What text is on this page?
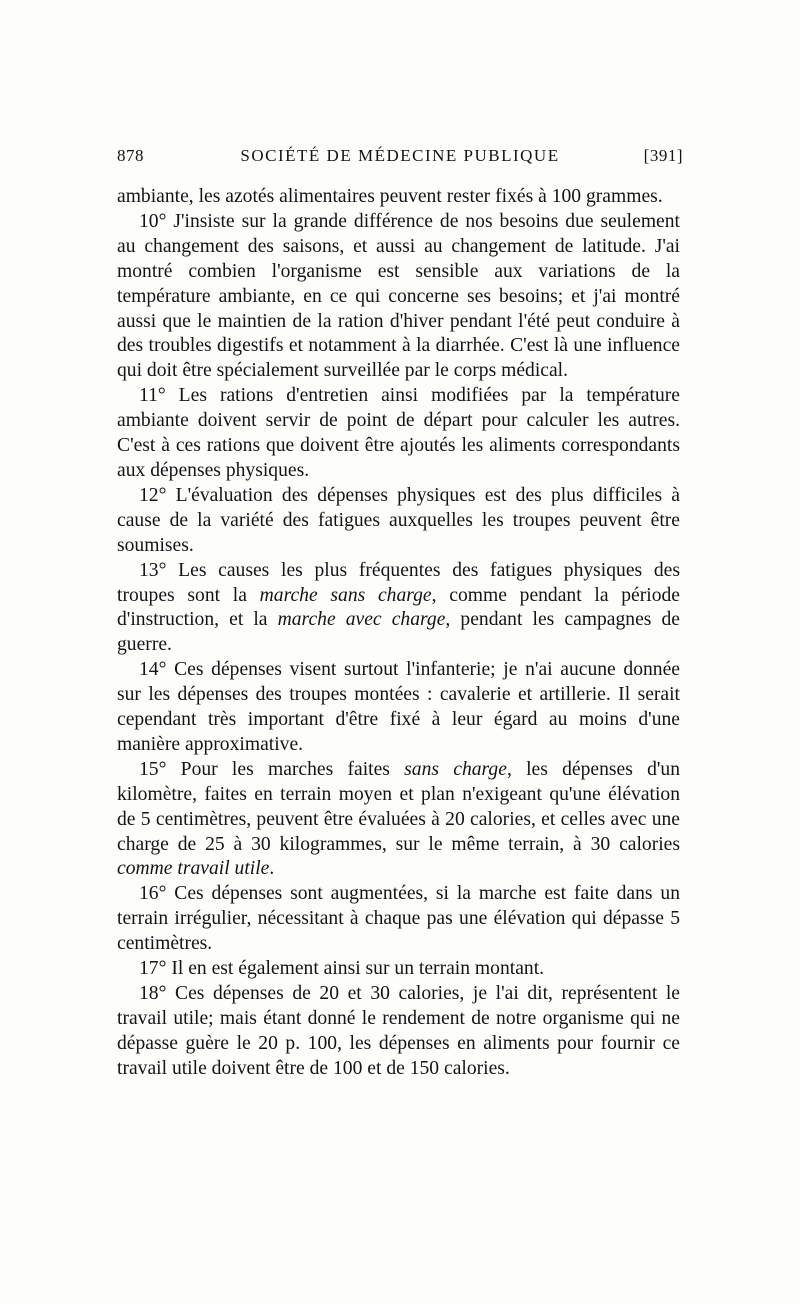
878	SOCIÉTÉ DE MÉDECINE PUBLIQUE	[391]

ambiante, les azotés alimentaires peuvent rester fixés à 100 grammes.

10° J'insiste sur la grande différence de nos besoins due seulement au changement des saisons, et aussi au changement de latitude. J'ai montré combien l'organisme est sensible aux variations de la température ambiante, en ce qui concerne ses besoins; et j'ai montré aussi que le maintien de la ration d'hiver pendant l'été peut conduire à des troubles digestifs et notamment à la diarrhée. C'est là une influence qui doit être spécialement surveillée par le corps médical.

11° Les rations d'entretien ainsi modifiées par la température ambiante doivent servir de point de départ pour calculer les autres. C'est à ces rations que doivent être ajoutés les aliments correspondants aux dépenses physiques.

12° L'évaluation des dépenses physiques est des plus difficiles à cause de la variété des fatigues auxquelles les troupes peuvent être soumises.

13° Les causes les plus fréquentes des fatigues physiques des troupes sont la marche sans charge, comme pendant la période d'instruction, et la marche avec charge, pendant les campagnes de guerre.

14° Ces dépenses visent surtout l'infanterie; je n'ai aucune donnée sur les dépenses des troupes montées : cavalerie et artillerie. Il serait cependant très important d'être fixé à leur égard au moins d'une manière approximative.

15° Pour les marches faites sans charge, les dépenses d'un kilomètre, faites en terrain moyen et plan n'exigeant qu'une élévation de 5 centimètres, peuvent être évaluées à 20 calories, et celles avec une charge de 25 à 30 kilogrammes, sur le même terrain, à 30 calories comme travail utile.

16° Ces dépenses sont augmentées, si la marche est faite dans un terrain irrégulier, nécessitant à chaque pas une élévation qui dépasse 5 centimètres.

17° Il en est également ainsi sur un terrain montant.

18° Ces dépenses de 20 et 30 calories, je l'ai dit, représentent le travail utile; mais étant donné le rendement de notre organisme qui ne dépasse guère le 20 p. 100, les dépenses en aliments pour fournir ce travail utile doivent être de 100 et de 150 calories.
